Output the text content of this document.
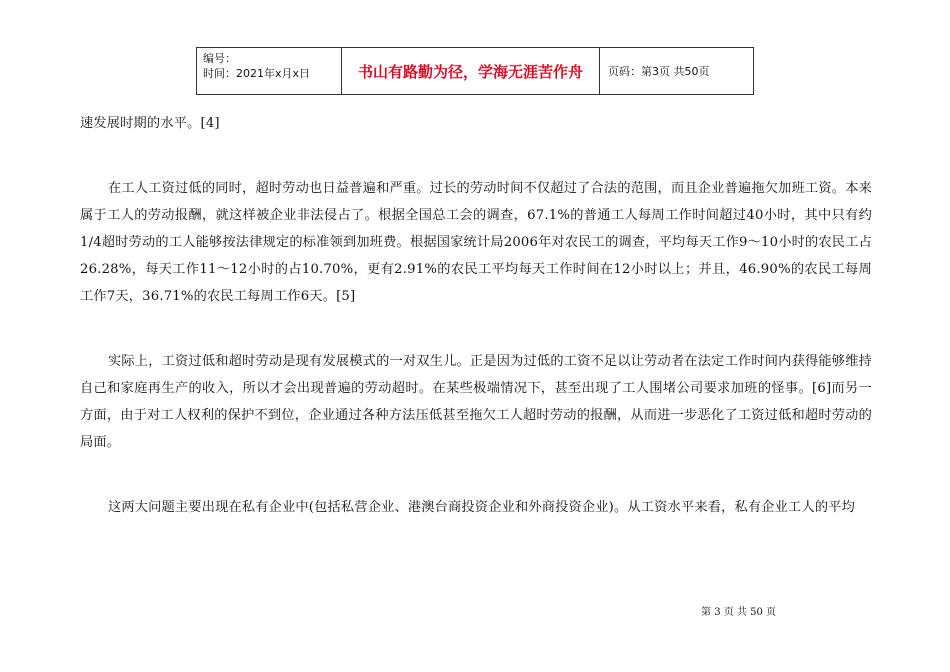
编号：
时间：2021年x月x日	书山有路勤为径，学海无涯苦作舟	页码：第3页 共50页

速发展时期的水平。[4]

在工人工资过低的同时，超时劳动也日益普遍和严重。过长的劳动时间不仅超过了合法的范围，而且企业普遍拖欠加班工资。本来属于工人的劳动报酬，就这样被企业非法侵占了。根据全国总工会的调查，67.1%的普通工人每周工作时间超过40小时，其中只有约1/4超时劳动的工人能够按法律规定的标准领到加班费。根据国家统计局2006年对农民工的调查，平均每天工作9～10小时的农民工占26.28%，每天工作11～12小时的占10.70%，更有2.91%的农民工平均每天工作时间在12小时以上；并且，46.90%的农民工每周工作7天，36.71%的农民工每周工作6天。[5]

实际上，工资过低和超时劳动是现有发展模式的一对双生儿。正是因为过低的工资不足以让劳动者在法定工作时间内获得能够维持自己和家庭再生产的收入，所以才会出现普遍的劳动超时。在某些极端情况下，甚至出现了工人围堵公司要求加班的怪事。[6]而另一方面，由于对工人权利的保护不到位，企业通过各种方法压低甚至拖欠工人超时劳动的报酬，从而进一步恶化了工资过低和超时劳动的局面。

这两大问题主要出现在私有企业中(包括私营企业、港澳台商投资企业和外商投资企业)。从工资水平来看，私有企业工人的平均

第 3 页 共 50 页
